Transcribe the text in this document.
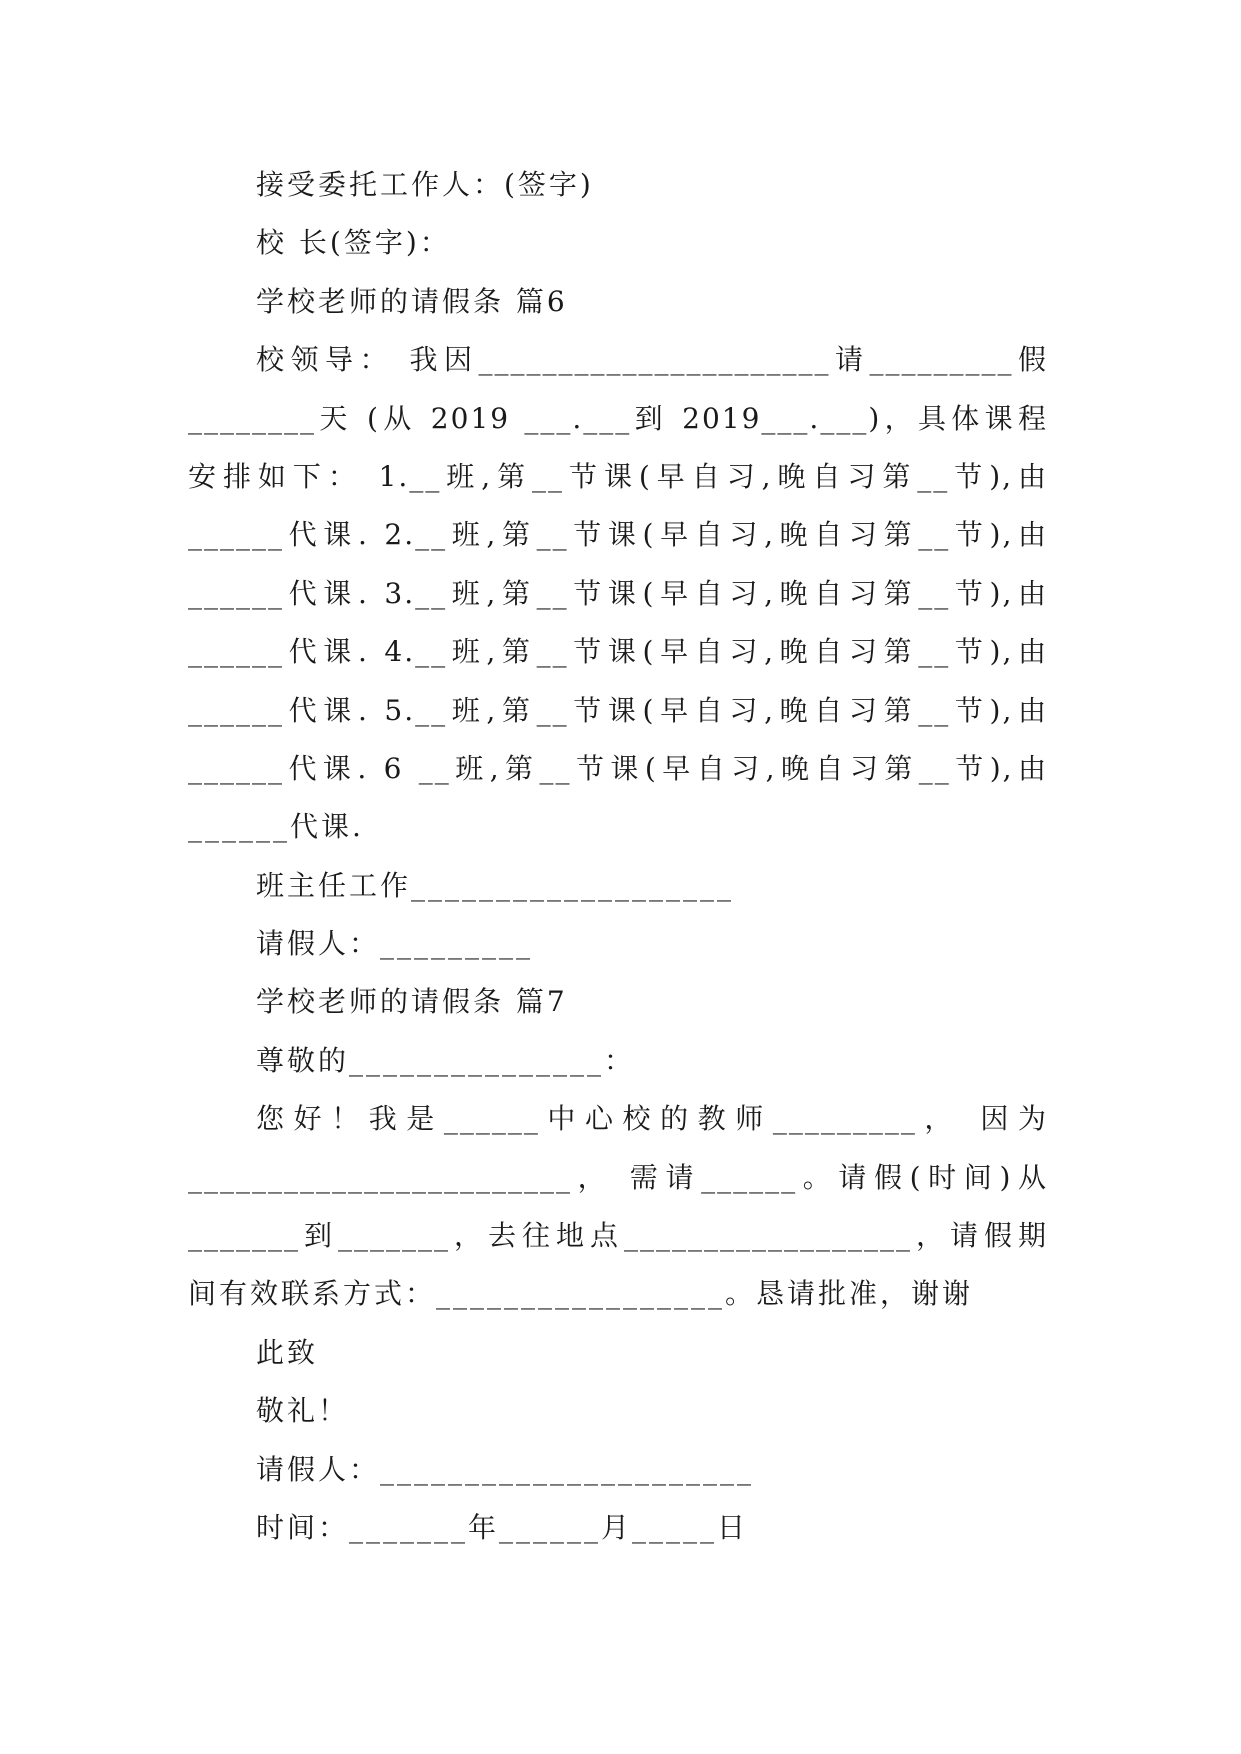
接受委托工作人：(签字)
校 长(签字)：
学校老师的请假条 篇6
校领导： 我因______________________请_________假
________天 (从 2019 ___.___到 2019___.___)，具体课程
安排如下： 1.__班,第__节课(早自习,晚自习第__节),由
______代课. 2.__班,第__节课(早自习,晚自习第__节),由
______代课. 3.__班,第__节课(早自习,晚自习第__节),由
______代课. 4.__班,第__节课(早自习,晚自习第__节),由
______代课. 5.__班,第__节课(早自习,晚自习第__节),由
______代课. 6 __班,第__节课(早自习,晚自习第__节),由
______代课.
班主任工作___________________
请假人：_________
学校老师的请假条 篇7
尊敬的_______________：
您好！我是______中心校的教师_________， 因为
________________________， 需请______。请假(时间)从
_______到_______，去往地点__________________，请假期
间有效联系方式：_________________。恳请批准，谢谢
此致
敬礼！
请假人：______________________
时间：_______年______月_____日
